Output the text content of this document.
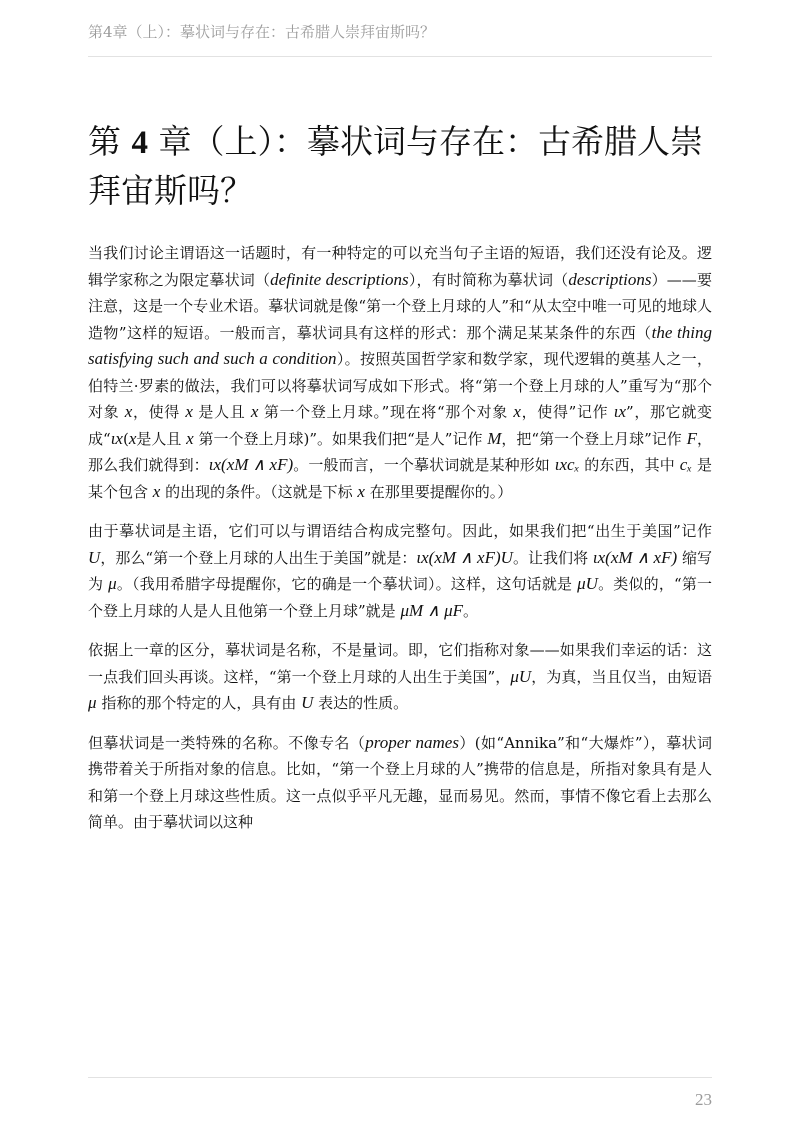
第4章（上）：摹状词与存在：古希腊人崇拜宙斯吗？
第 4 章（上）：摹状词与存在：古希腊人崇拜宙斯吗？

当我们讨论主谓语这一话题时，有一种特定的可以充当句子主语的短语，我们还没有论及。逻辑学家称之为限定摹状词（definite descriptions），有时简称为摹状词（descriptions）——要注意，这是一个专业术语。摹状词就是像“第一个登上月球的人”和“从太空中唯一可见的地球人造物”这样的短语。一般而言，摹状词具有这样的形式：那个满足某某条件的东西（the thing satisfying such and such a condition）。按照英国哲学家和数学家，现代逻辑的奠基人之一，伯特兰·罗素的做法，我们可以将摹状词写成如下形式。将“第一个登上月球的人”重写为“那个对象 x，使得 x 是人且 x 第一个登上月球。”现在将“那个对象 x，使得”记作 ιx”，那它就变成“ιx(x是人且 x 第一个登上月球)”。如果我们把“是人”记作 M，把“第一个登上月球”记作 F，那么我们就得到：ιx(xM ∧ xF)。一般而言，一个摹状词就是某种形如 ιxcₓ 的东西，其中 cₓ 是某个包含 x 的出现的条件。（这就是下标 x 在那里要提醒你的。）

由于摹状词是主语，它们可以与谓语结合构成完整句。因此，如果我们把“出生于美国”记作 U，那么“第一个登上月球的人出生于美国”就是：ιx(xM ∧ xF)U。让我们将 ιx(xM ∧ xF) 缩写为 μ。（我用希腊字母提醒你，它的确是一个摹状词）。这样，这句话就是 μU。类似的，“第一个登上月球的人是人且他第一个登上月球”就是 μM ∧ μF。

依据上一章的区分，摹状词是名称，不是量词。即，它们指称对象——如果我们幸运的话：这一点我们回头再谈。这样，“第一个登上月球的人出生于美国”，μU，为真，当且仅当，由短语 μ 指称的那个特定的人，具有由 U 表达的性质。

但摹状词是一类特殊的名称。不像专名（proper names）(如“Annika”和“大爆炸”），摹状词携带着关于所指对象的信息。比如，“第一个登上月球的人”携带的信息是，所指对象具有是人和第一个登上月球这些性质。这一点似乎平凡无趣，显而易见。然而，事情不像它看上去那么简单。由于摹状词以这种

23
